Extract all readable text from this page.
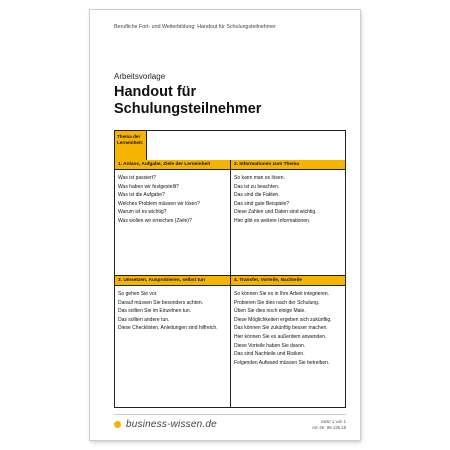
Berufliche Fort- und Weiterbildung: Handout für Schulungsteilnehmer
Arbeitsvorlage
Handout für
Schulungsteilnehmer
Thema der
Lerneinheit:
1. Anlass, Aufgabe, Ziele der Lerneinheit
Was ist passiert?
Was haben wir festgestellt?
Was ist die Aufgabe?
Welches Problem müssen wir lösen?
Warum ist es wichtig?
Was wollen wir erreichen (Ziele)?
2. Informationen zum Thema
So kann man es lösen.
Das ist zu beachten.
Das sind die Fakten.
Das sind gute Beispiele?
Diese Zahlen und Daten sind wichtig.
Hier gibt es weitere Informationen.
3. Umsetzen, Ausprobieren, selbst tun
So gehen Sie vor.
Darauf müssen Sie besonders achten.
Das sollten Sie im Einzelnen tun.
Das sollten andere tun.
Diese Checklisten, Anleitungen sind hilfreich.
4. Transfer, Vorteile, Nachteile
So können Sie es in Ihre Arbeit integrieren.
Probieren Sie dies nach der Schulung.
Üben Sie dies noch einige Male.
Diese Möglichkeiten ergeben sich zukünftig.
Das können Sie zukünftig besser machen.
Hier können Sie es außerdem anwenden.
Diese Vorteile haben Sie davon.
Das sind Nachteile und Risiken.
Folgenden Aufwand müssen Sie betreiben.
business-wissen.de	Seite 1 von 1
Art.-Nr. 99.135.18
